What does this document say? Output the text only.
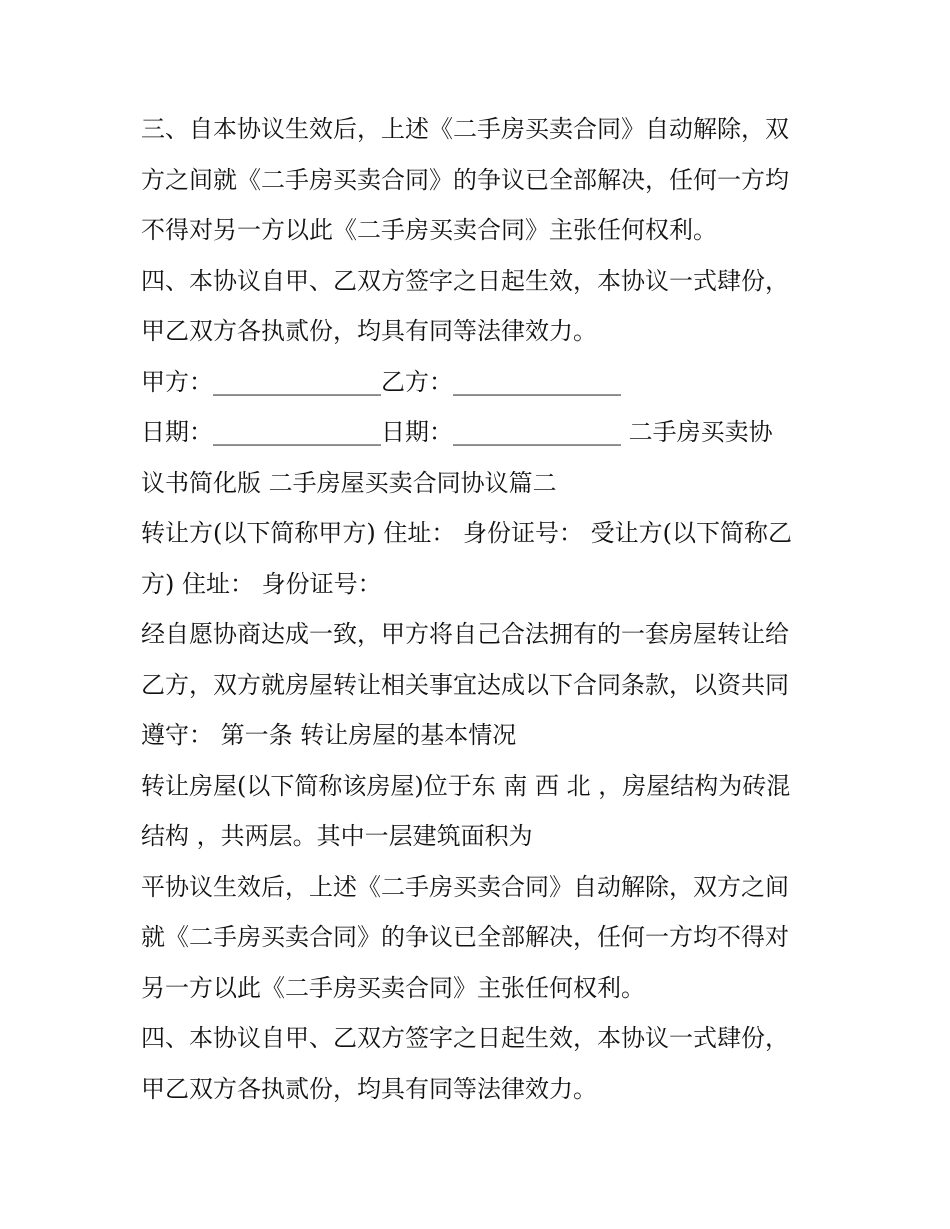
三、自本协议生效后，上述《二手房买卖合同》自动解除，双
方之间就《二手房买卖合同》的争议已全部解决，任何一方均
不得对另一方以此《二手房买卖合同》主张任何权利。
四、本协议自甲、乙双方签字之日起生效，本协议一式肆份，
甲乙双方各执贰份，均具有同等法律效力。
甲方：______________乙方：______________
日期：______________日期：______________ 二手房买卖协
议书简化版 二手房屋买卖合同协议篇二
转让方(以下简称甲方) 住址： 身份证号： 受让方(以下简称乙
方) 住址： 身份证号：
经自愿协商达成一致，甲方将自己合法拥有的一套房屋转让给
乙方，双方就房屋转让相关事宜达成以下合同条款，以资共同
遵守： 第一条 转让房屋的基本情况
转让房屋(以下简称该房屋)位于东 南 西 北 ，房屋结构为砖混
结构 ，共两层。其中一层建筑面积为
平协议生效后，上述《二手房买卖合同》自动解除，双方之间
就《二手房买卖合同》的争议已全部解决，任何一方均不得对
另一方以此《二手房买卖合同》主张任何权利。
四、本协议自甲、乙双方签字之日起生效，本协议一式肆份，
甲乙双方各执贰份，均具有同等法律效力。
